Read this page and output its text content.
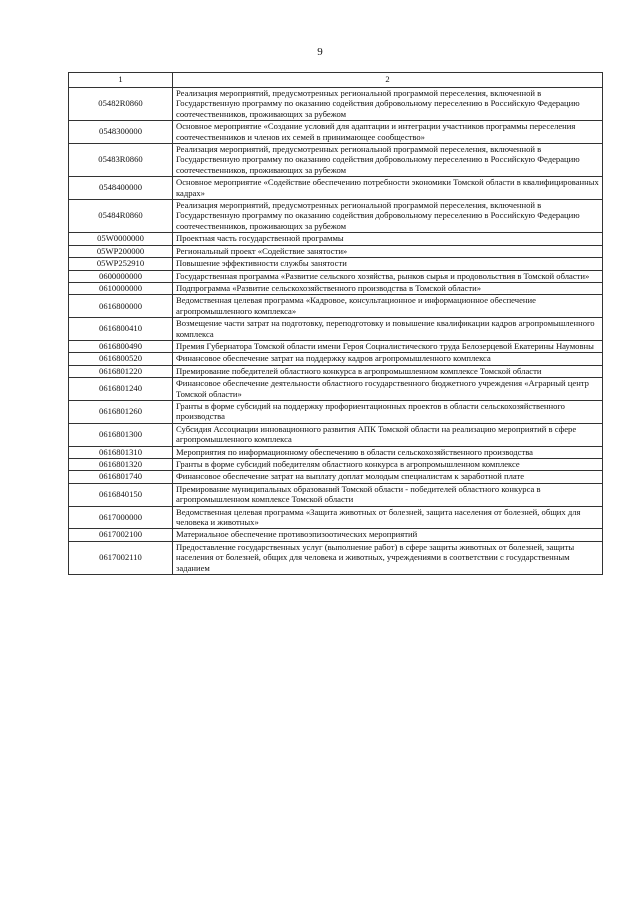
9
1	2
05482R0860	Реализация мероприятий, предусмотренных региональной программой переселения, включенной в Государственную программу по оказанию содействия добровольному переселению в Российскую Федерацию соотечественников, проживающих за рубежом
0548300000	Основное мероприятие «Создание условий для адаптации и интеграции участников программы переселения соотечественников и членов их семей в принимающее сообщество»
05483R0860	Реализация мероприятий, предусмотренных региональной программой переселения, включенной в Государственную программу по оказанию содействия добровольному переселению в Российскую Федерацию соотечественников, проживающих за рубежом
0548400000	Основное мероприятие «Содействие обеспечению потребности экономики Томской области в квалифицированных кадрах»
05484R0860	Реализация мероприятий, предусмотренных региональной программой переселения, включенной в Государственную программу по оказанию содействия добровольному переселению в Российскую Федерацию соотечественников, проживающих за рубежом
05W0000000	Проектная часть государственной программы
05WP200000	Региональный проект «Содействие занятости»
05WP252910	Повышение эффективности службы занятости
0600000000	Государственная программа «Развитие сельского хозяйства, рынков сырья и продовольствия в Томской области»
0610000000	Подпрограмма «Развитие сельскохозяйственного производства в Томской области»
0616800000	Ведомственная целевая программа «Кадровое, консультационное и информационное обеспечение агропромышленного комплекса»
0616800410	Возмещение части затрат на подготовку, переподготовку и повышение квалификации кадров агропромышленного комплекса
0616800490	Премия Губернатора Томской области имени Героя Социалистического труда Белозерцевой Екатерины Наумовны
0616800520	Финансовое обеспечение затрат на поддержку кадров агропромышленного комплекса
0616801220	Премирование победителей областного конкурса в агропромышленном комплексе Томской области
0616801240	Финансовое обеспечение деятельности областного государственного бюджетного учреждения «Аграрный центр Томской области»
0616801260	Гранты в форме субсидий на поддержку профориентационных проектов в области сельскохозяйственного производства
0616801300	Субсидия Ассоциации инновационного развития АПК Томской области на реализацию мероприятий в сфере агропромышленного комплекса
0616801310	Мероприятия по информационному обеспечению в области сельскохозяйственного производства
0616801320	Гранты в форме субсидий победителям областного конкурса в агропромышленном комплексе
0616801740	Финансовое обеспечение затрат на выплату доплат молодым специалистам к заработной плате
0616840150	Премирование муниципальных образований Томской области - победителей областного конкурса в агропромышленном комплексе Томской области
0617000000	Ведомственная целевая программа «Защита животных от болезней, защита населения от болезней, общих для человека и животных»
0617002100	Материальное обеспечение противоэпизоотических мероприятий
0617002110	Предоставление государственных услуг (выполнение работ) в сфере защиты животных от болезней, защиты населения от болезней, общих для человека и животных, учреждениями в соответствии с государственным заданием
